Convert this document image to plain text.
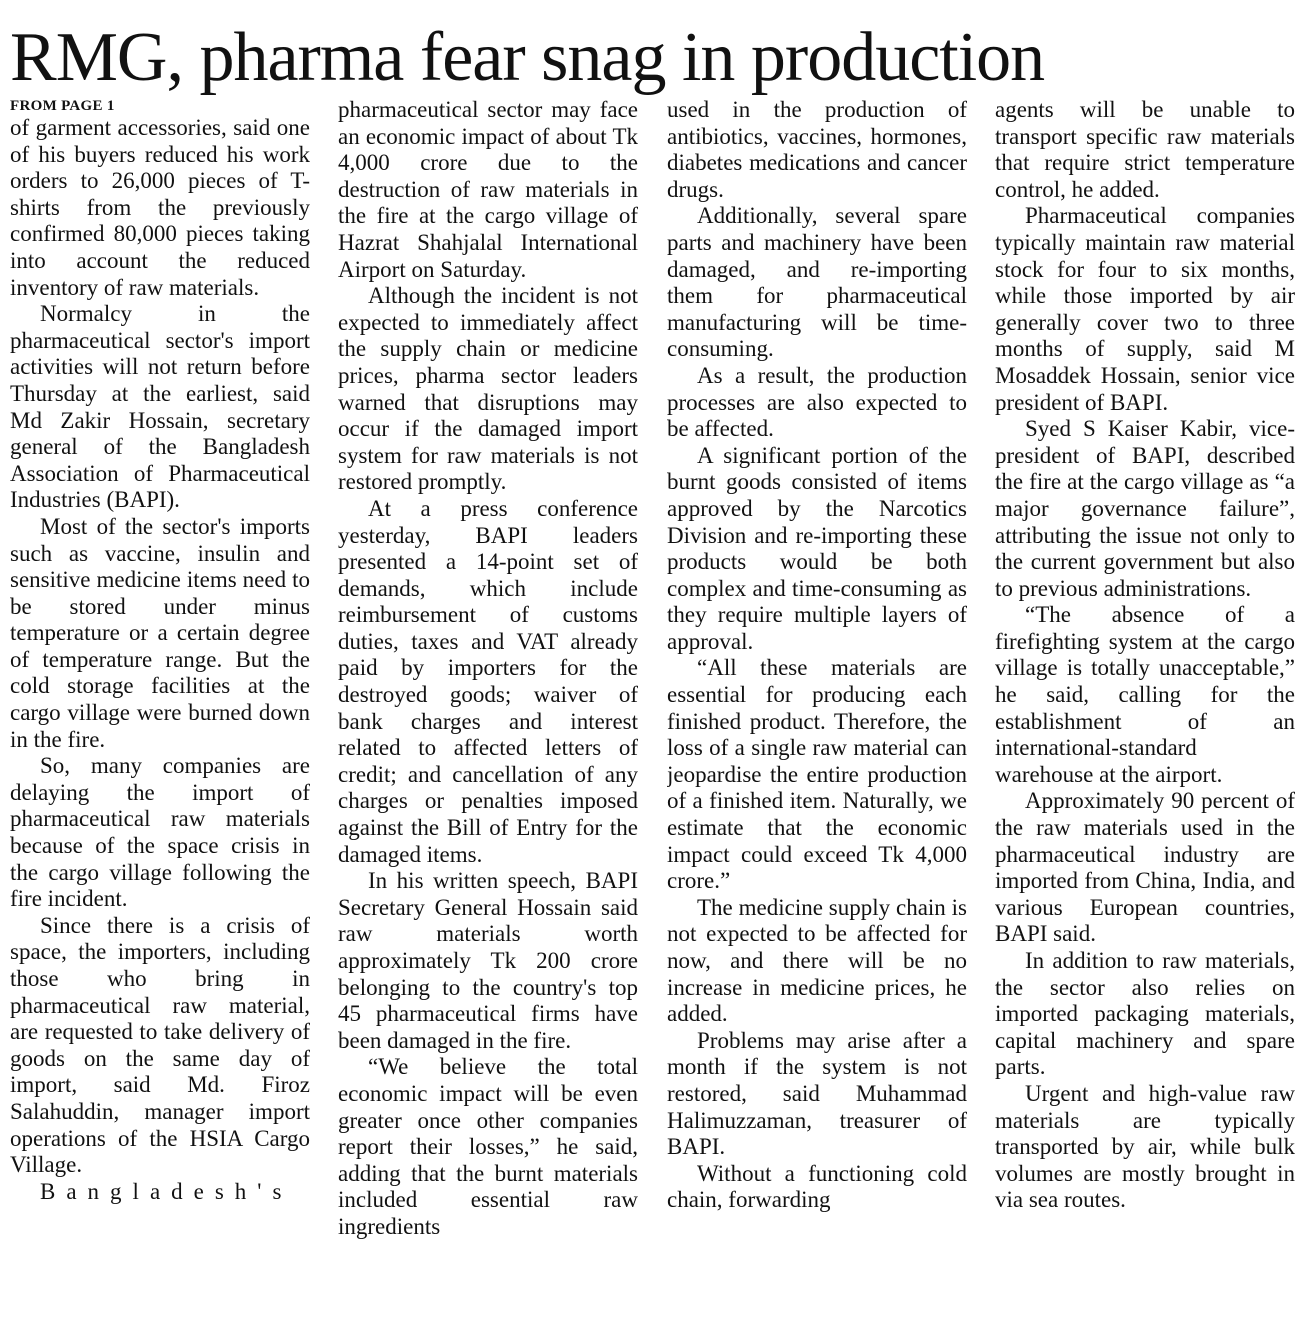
RMG, pharma fear snag in production
FROM PAGE 1

of garment accessories, said one of his buyers reduced his work orders to 26,000 pieces of T-shirts from the previously confirmed 80,000 pieces taking into account the reduced inventory of raw materials.

Normalcy in the pharmaceutical sector's import activities will not return before Thursday at the earliest, said Md Zakir Hossain, secretary general of the Bangladesh Association of Pharmaceutical Industries (BAPI).

Most of the sector's imports such as vaccine, insulin and sensitive medicine items need to be stored under minus temperature or a certain degree of temperature range. But the cold storage facilities at the cargo village were burned down in the fire.

So, many companies are delaying the import of pharmaceutical raw materials because of the space crisis in the cargo village following the fire incident.

Since there is a crisis of space, the importers, including those who bring in pharmaceutical raw material, are requested to take delivery of goods on the same day of import, said Md. Firoz Salahuddin, manager import operations of the HSIA Cargo Village.

Bangladesh's

pharmaceutical sector may face an economic impact of about Tk 4,000 crore due to the destruction of raw materials in the fire at the cargo village of Hazrat Shahjalal International Airport on Saturday.

Although the incident is not expected to immediately affect the supply chain or medicine prices, pharma sector leaders warned that disruptions may occur if the damaged import system for raw materials is not restored promptly.

At a press conference yesterday, BAPI leaders presented a 14-point set of demands, which include reimbursement of customs duties, taxes and VAT already paid by importers for the destroyed goods; waiver of bank charges and interest related to affected letters of credit; and cancellation of any charges or penalties imposed against the Bill of Entry for the damaged items.

In his written speech, BAPI Secretary General Hossain said raw materials worth approximately Tk 200 crore belonging to the country's top 45 pharmaceutical firms have been damaged in the fire.

“We believe the total economic impact will be even greater once other companies report their losses,” he said, adding that the burnt materials included essential raw ingredients

used in the production of antibiotics, vaccines, hormones, diabetes medications and cancer drugs.

Additionally, several spare parts and machinery have been damaged, and re-importing them for pharmaceutical manufacturing will be time-consuming.

As a result, the production processes are also expected to be affected.

A significant portion of the burnt goods consisted of items approved by the Narcotics Division and re-importing these products would be both complex and time-consuming as they require multiple layers of approval.

“All these materials are essential for producing each finished product. Therefore, the loss of a single raw material can jeopardise the entire production of a finished item. Naturally, we estimate that the economic impact could exceed Tk 4,000 crore.”

The medicine supply chain is not expected to be affected for now, and there will be no increase in medicine prices, he added.

Problems may arise after a month if the system is not restored, said Muhammad Halimuzzaman, treasurer of BAPI.

Without a functioning cold chain, forwarding

agents will be unable to transport specific raw materials that require strict temperature control, he added.

Pharmaceutical companies typically maintain raw material stock for four to six months, while those imported by air generally cover two to three months of supply, said M Mosaddek Hossain, senior vice president of BAPI.

Syed S Kaiser Kabir, vice-president of BAPI, described the fire at the cargo village as “a major governance failure”, attributing the issue not only to the current government but also to previous administrations.

“The absence of a firefighting system at the cargo village is totally unacceptable,” he said, calling for the establishment of an international-standard warehouse at the airport.

Approximately 90 percent of the raw materials used in the pharmaceutical industry are imported from China, India, and various European countries, BAPI said.

In addition to raw materials, the sector also relies on imported packaging materials, capital machinery and spare parts.

Urgent and high-value raw materials are typically transported by air, while bulk volumes are mostly brought in via sea routes.
